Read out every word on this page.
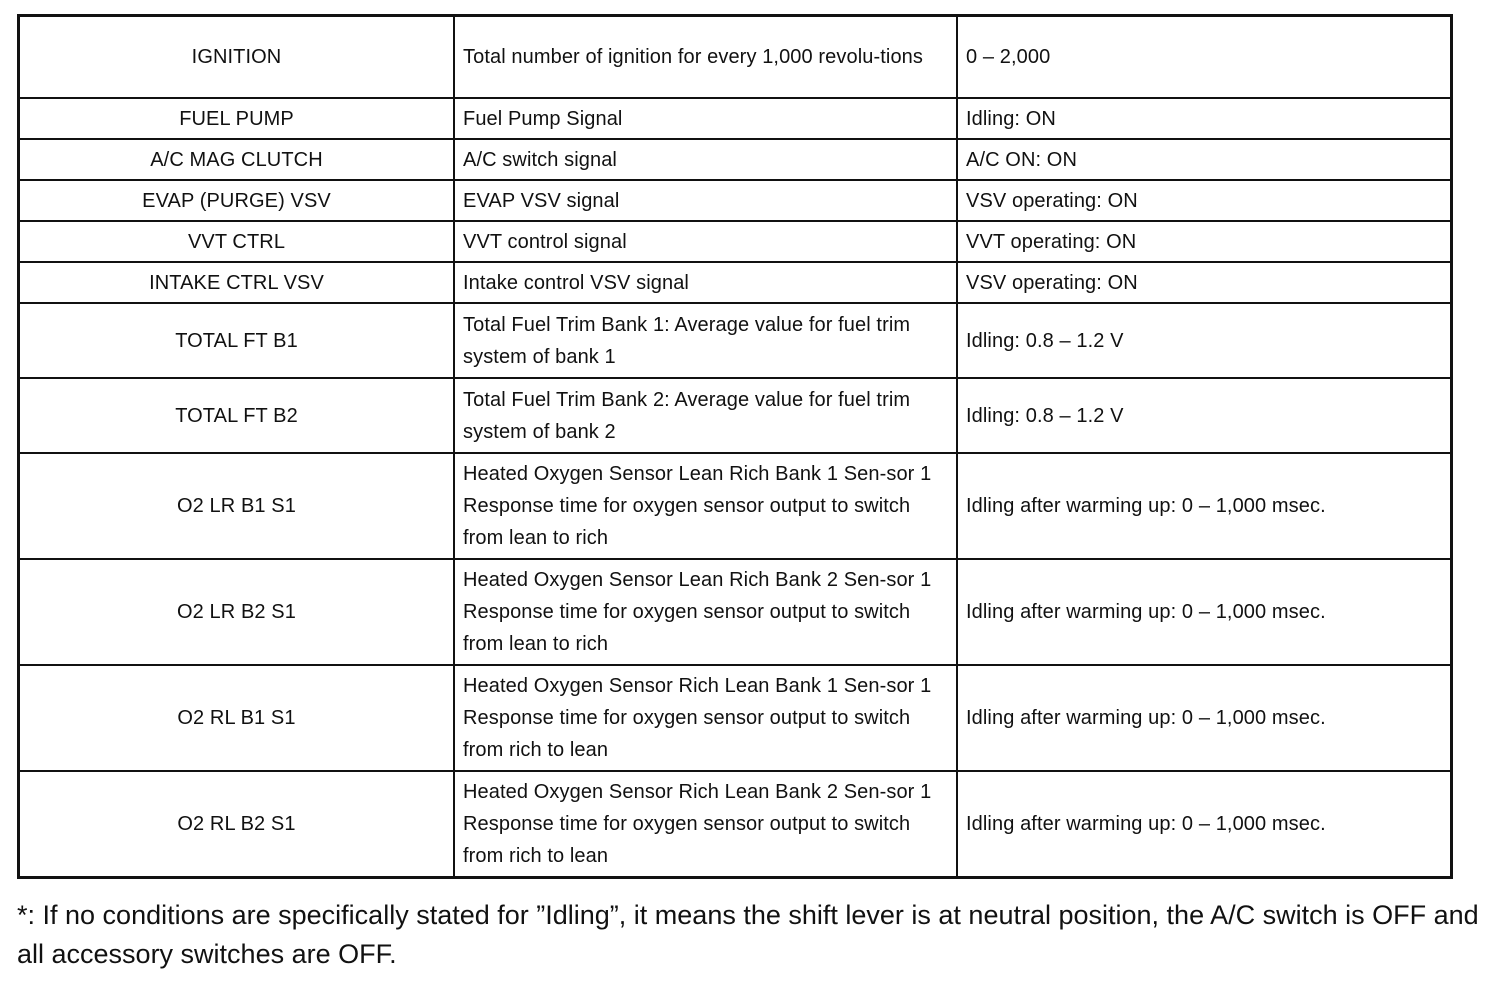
IGNITION	Total number of ignition for every 1,000 revolu-tions	0 – 2,000
FUEL PUMP	Fuel Pump Signal	Idling: ON
A/C MAG CLUTCH	A/C switch signal	A/C ON: ON
EVAP (PURGE) VSV	EVAP VSV signal	VSV operating: ON
VVT CTRL	VVT control signal	VVT operating: ON
INTAKE CTRL VSV	Intake control VSV signal	VSV operating: ON
TOTAL FT B1	Total Fuel Trim Bank 1: Average value for fuel trim system of bank 1	Idling: 0.8 – 1.2 V
TOTAL FT B2	Total Fuel Trim Bank 2: Average value for fuel trim system of bank 2	Idling: 0.8 – 1.2 V
O2 LR B1 S1	Heated Oxygen Sensor Lean Rich Bank 1 Sen-sor 1 Response time for oxygen sensor output to switch from lean to rich	Idling after warming up: 0 – 1,000 msec.
O2 LR B2 S1	Heated Oxygen Sensor Lean Rich Bank 2 Sen-sor 1 Response time for oxygen sensor output to switch from lean to rich	Idling after warming up: 0 – 1,000 msec.
O2 RL B1 S1	Heated Oxygen Sensor Rich Lean Bank 1 Sen-sor 1 Response time for oxygen sensor output to switch from rich to lean	Idling after warming up: 0 – 1,000 msec.
O2 RL B2 S1	Heated Oxygen Sensor Rich Lean Bank 2 Sen-sor 1 Response time for oxygen sensor output to switch from rich to lean	Idling after warming up: 0 – 1,000 msec.
*: If no conditions are specifically stated for ”Idling”, it means the shift lever is at neutral position, the A/C switch is OFF and all accessory switches are OFF.
